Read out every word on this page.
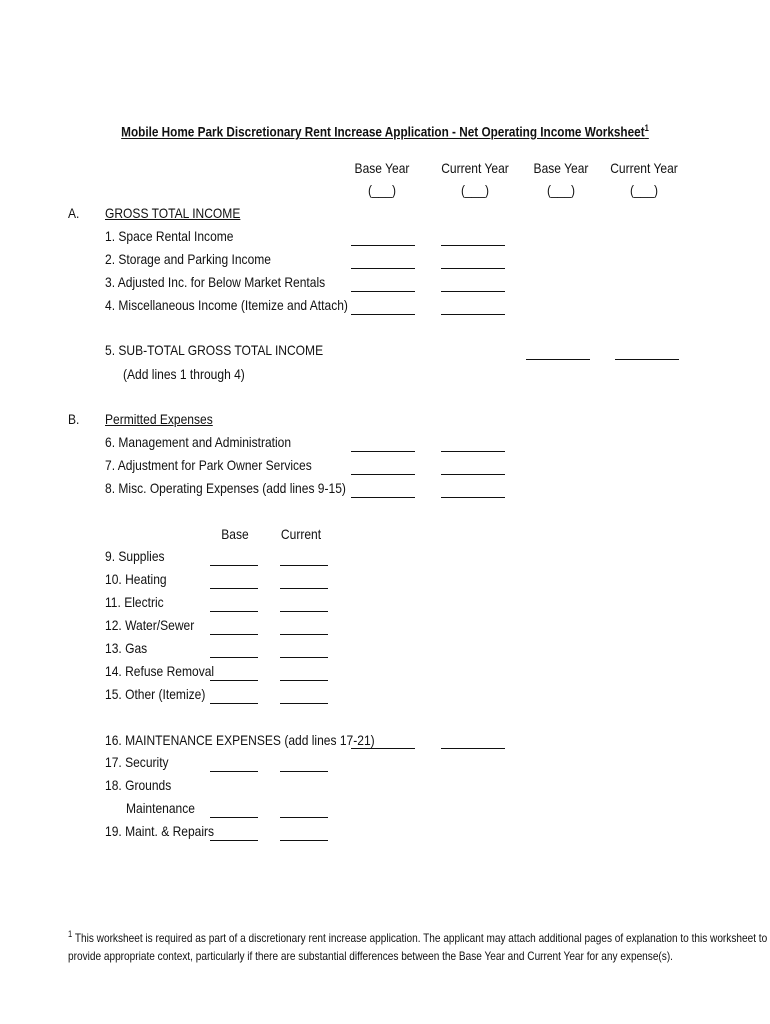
Mobile Home Park Discretionary Rent Increase Application - Net Operating Income Worksheet$^1$
Base Year	Current Year	Base Year	Current Year
(___)	(___)	(___)	(___)
A. GROSS TOTAL INCOME
1. Space Rental Income
2. Storage and Parking Income
3. Adjusted Inc. for Below Market Rentals
4. Miscellaneous Income (Itemize and Attach)
5. SUB-TOTAL GROSS TOTAL INCOME
(Add lines 1 through 4)
B. Permitted Expenses
6. Management and Administration
7. Adjustment for Park Owner Services
8. Misc. Operating Expenses (add lines 9-15)
Base	Current
9. Supplies
10. Heating
11. Electric
12. Water/Sewer
13. Gas
14. Refuse Removal
15. Other (Itemize)
16. MAINTENANCE EXPENSES (add lines 17-21)
17. Security
18. Grounds
Maintenance
19. Maint. & Repairs
$^1$ This worksheet is required as part of a discretionary rent increase application. The applicant may attach additional pages of explanation to this worksheet to
provide appropriate context, particularly if there are substantial differences between the Base Year and Current Year for any expense(s).
